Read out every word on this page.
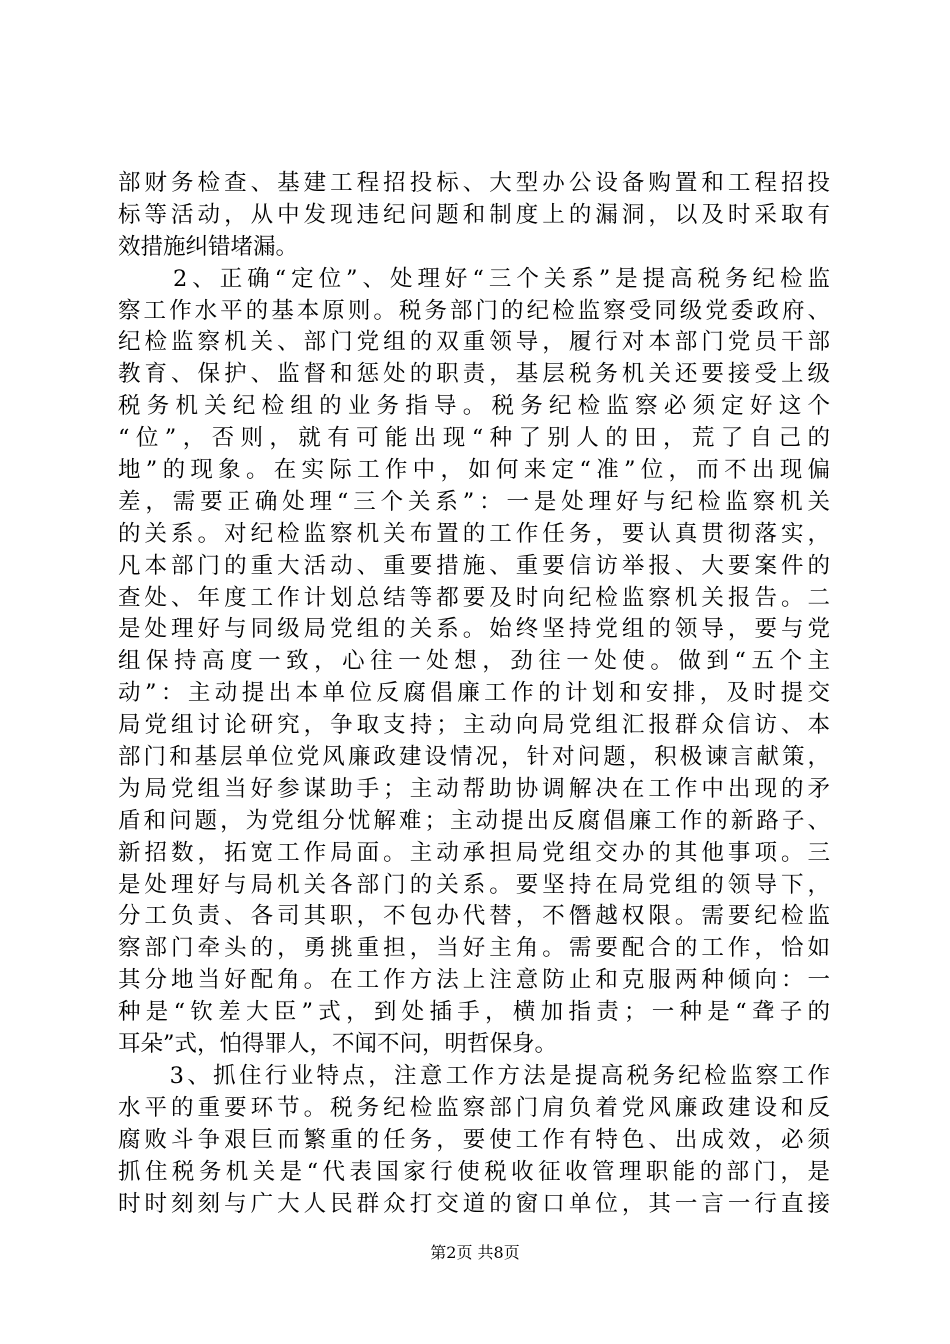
部财务检查、基建工程招投标、大型办公设备购置和工程招投
标等活动，从中发现违纪问题和制度上的漏洞，以及时采取有
效措施纠错堵漏。
　　2、正确“定位”、处理好“三个关系”是提高税务纪检监
察工作水平的基本原则。税务部门的纪检监察受同级党委政府、
纪检监察机关、部门党组的双重领导，履行对本部门党员干部
教育、保护、监督和惩处的职责，基层税务机关还要接受上级
税务机关纪检组的业务指导。税务纪检监察必须定好这个
“位”，否则，就有可能出现“种了别人的田，荒了自己的
地”的现象。在实际工作中，如何来定“准”位，而不出现偏
差，需要正确处理“三个关系”：一是处理好与纪检监察机关
的关系。对纪检监察机关布置的工作任务，要认真贯彻落实，
凡本部门的重大活动、重要措施、重要信访举报、大要案件的
查处、年度工作计划总结等都要及时向纪检监察机关报告。二
是处理好与同级局党组的关系。始终坚持党组的领导，要与党
组保持高度一致，心往一处想，劲往一处使。做到“五个主
动”：主动提出本单位反腐倡廉工作的计划和安排，及时提交
局党组讨论研究，争取支持；主动向局党组汇报群众信访、本
部门和基层单位党风廉政建设情况，针对问题，积极谏言献策，
为局党组当好参谋助手；主动帮助协调解决在工作中出现的矛
盾和问题，为党组分忧解难；主动提出反腐倡廉工作的新路子、
新招数，拓宽工作局面。主动承担局党组交办的其他事项。三
是处理好与局机关各部门的关系。要坚持在局党组的领导下，
分工负责、各司其职，不包办代替，不僭越权限。需要纪检监
察部门牵头的，勇挑重担，当好主角。需要配合的工作，恰如
其分地当好配角。在工作方法上注意防止和克服两种倾向：一
种是“钦差大臣”式，到处插手，横加指责；一种是“聋子的
耳朵”式，怕得罪人，不闻不问，明哲保身。
　　3、抓住行业特点，注意工作方法是提高税务纪检监察工作
水平的重要环节。税务纪检监察部门肩负着党风廉政建设和反
腐败斗争艰巨而繁重的任务，要使工作有特色、出成效，必须
抓住税务机关是“代表国家行使税收征收管理职能的部门，是
时时刻刻与广大人民群众打交道的窗口单位，其一言一行直接
第2页 共8页
